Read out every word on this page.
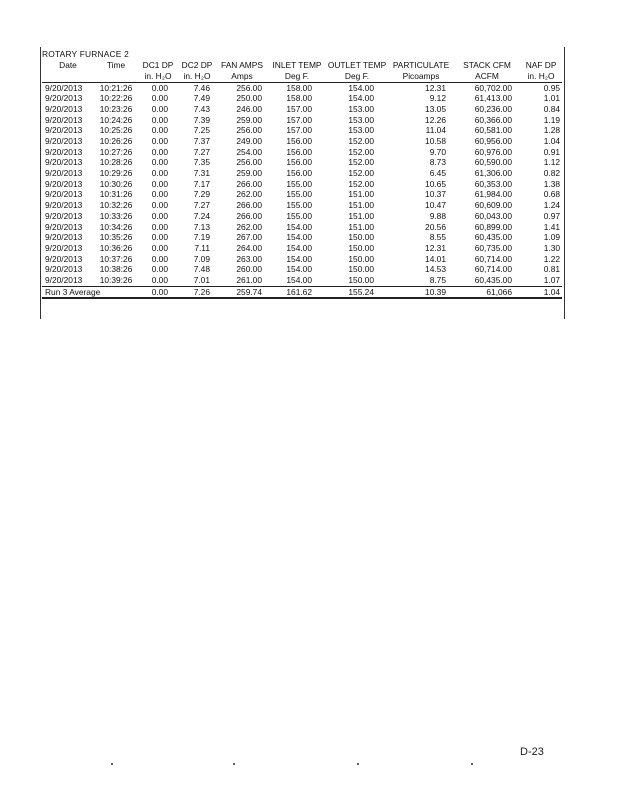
ROTARY FURNACE 2									
Date	Time	DC1 DP	DC2 DP	FAN AMPS	INLET TEMP	OUTLET TEMP	PARTICULATE	STACK CFM	NAF DP
		in. H₂O	in. H₂O	Amps	Deg F.	Deg F.	Picoamps	ACFM	in. H₂O
9/20/2013	10:21:26	0.00	7.46	256.00	158.00	154.00	12.31	60,702.00	0.95
9/20/2013	10:22:26	0.00	7.49	250.00	158.00	154.00	9.12	61,413.00	1.01
9/20/2013	10:23:26	0.00	7.43	246.00	157.00	153.00	13.05	60,236.00	0.84
9/20/2013	10:24:26	0.00	7.39	259.00	157.00	153.00	12.26	60,366.00	1.19
9/20/2013	10:25:26	0.00	7.25	256.00	157.00	153.00	11.04	60,581.00	1.28
9/20/2013	10:26:26	0.00	7.37	249.00	156.00	152.00	10.58	60,956.00	1.04
9/20/2013	10:27:26	0.00	7.27	254.00	156.00	152.00	9.70	60,976.00	0.91
9/20/2013	10:28:26	0.00	7.35	256.00	156.00	152.00	8.73	60,590.00	1.12
9/20/2013	10:29:26	0.00	7.31	259.00	156.00	152.00	6.45	61,306.00	0.82
9/20/2013	10:30:26	0.00	7.17	266.00	155.00	152.00	10.65	60,353.00	1.38
9/20/2013	10:31:26	0.00	7.29	262.00	155.00	151.00	10.37	61,984.00	0.68
9/20/2013	10:32:26	0.00	7.27	266.00	155.00	151.00	10.47	60,609.00	1.24
9/20/2013	10:33:26	0.00	7.24	266.00	155.00	151.00	9.88	60,043.00	0.97
9/20/2013	10:34:26	0.00	7.13	262.00	154.00	151.00	20.56	60,899.00	1.41
9/20/2013	10:35:26	0.00	7.19	267.00	154.00	150.00	8.55	60,435.00	1.09
9/20/2013	10:36:26	0.00	7.11	264.00	154.00	150.00	12.31	60,735.00	1.30
9/20/2013	10:37:26	0.00	7.09	263.00	154.00	150.00	14.01	60,714.00	1.22
9/20/2013	10:38:26	0.00	7.48	260.00	154.00	150.00	14.53	60,714.00	0.81
9/20/2013	10:39:26	0.00	7.01	261.00	154.00	150.00	8.75	60,435.00	1.07
Run 3 Average		0.00	7.26	259.74	161.62	155.24	10.39	61,066	1.04
D-23
